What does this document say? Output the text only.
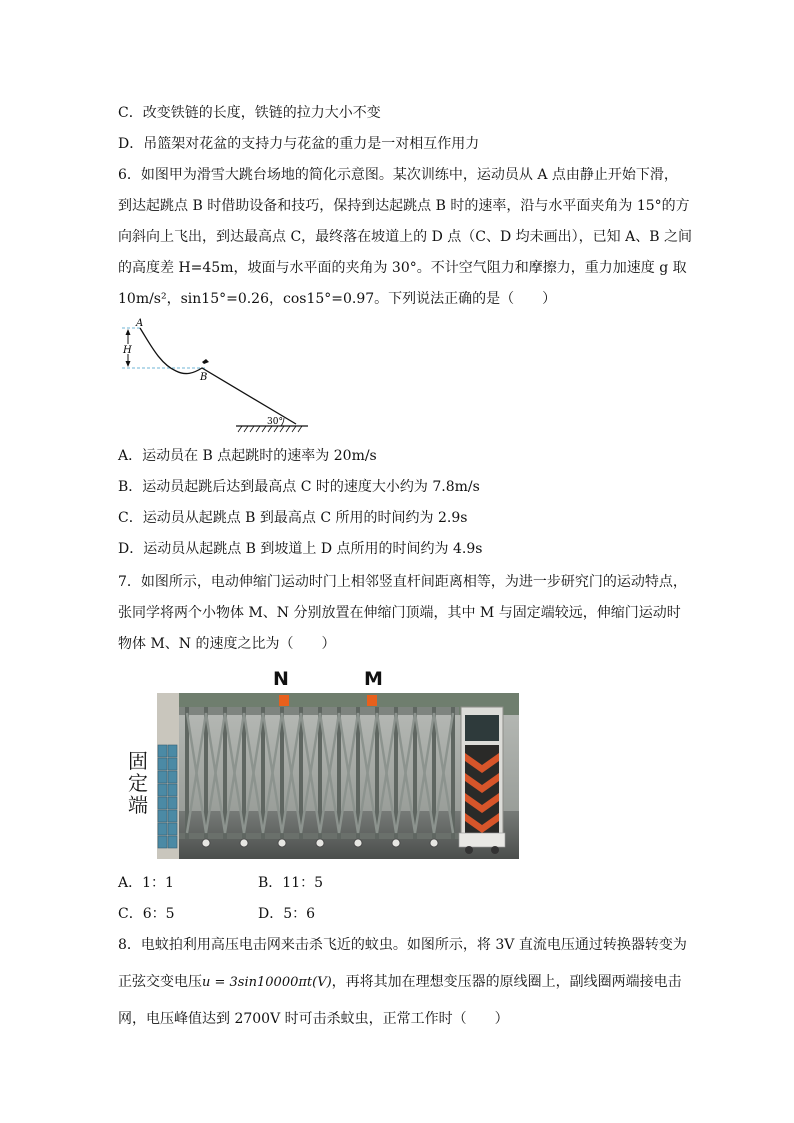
C．改变铁链的长度，铁链的拉力大小不变
D．吊篮架对花盆的支持力与花盆的重力是一对相互作用力
6．如图甲为滑雪大跳台场地的简化示意图。某次训练中，运动员从 A 点由静止开始下滑，
到达起跳点 B 时借助设备和技巧，保持到达起跳点 B 时的速率，沿与水平面夹角为 15°的方
向斜向上飞出，到达最高点 C，最终落在坡道上的 D 点（C、D 均未画出），已知 A、B 之间
的高度差 H=45m，坡面与水平面的夹角为 30°。不计空气阻力和摩擦力，重力加速度 g 取
10m/s²，sin15°=0.26，cos15°=0.97。下列说法正确的是（　　）
H
30°
A
B
A．运动员在 B 点起跳时的速率为 20m/s
B．运动员起跳后达到最高点 C 时的速度大小约为 7.8m/s
C．运动员从起跳点 B 到最高点 C 所用的时间约为 2.9s
D．运动员从起跳点 B 到坡道上 D 点所用的时间约为 4.9s
7．如图所示，电动伸缩门运动时门上相邻竖直杆间距离相等，为进一步研究门的运动特点，
张同学将两个小物体 M、N 分别放置在伸缩门顶端，其中 M 与固定端较远，伸缩门运动时
物体 M、N 的速度之比为（　　）
N	M
固
定
端
A．1：1	B．11：5
C．6：5	D．5：6
8．电蚊拍利用高压电击网来击杀飞近的蚊虫。如图所示，将 3V 直流电压通过转换器转变为
正弦交变电压u = 3sin10000πt(V)，再将其加在理想变压器的原线圈上，副线圈两端接电击
网，电压峰值达到 2700V 时可击杀蚊虫，正常工作时（　　）
